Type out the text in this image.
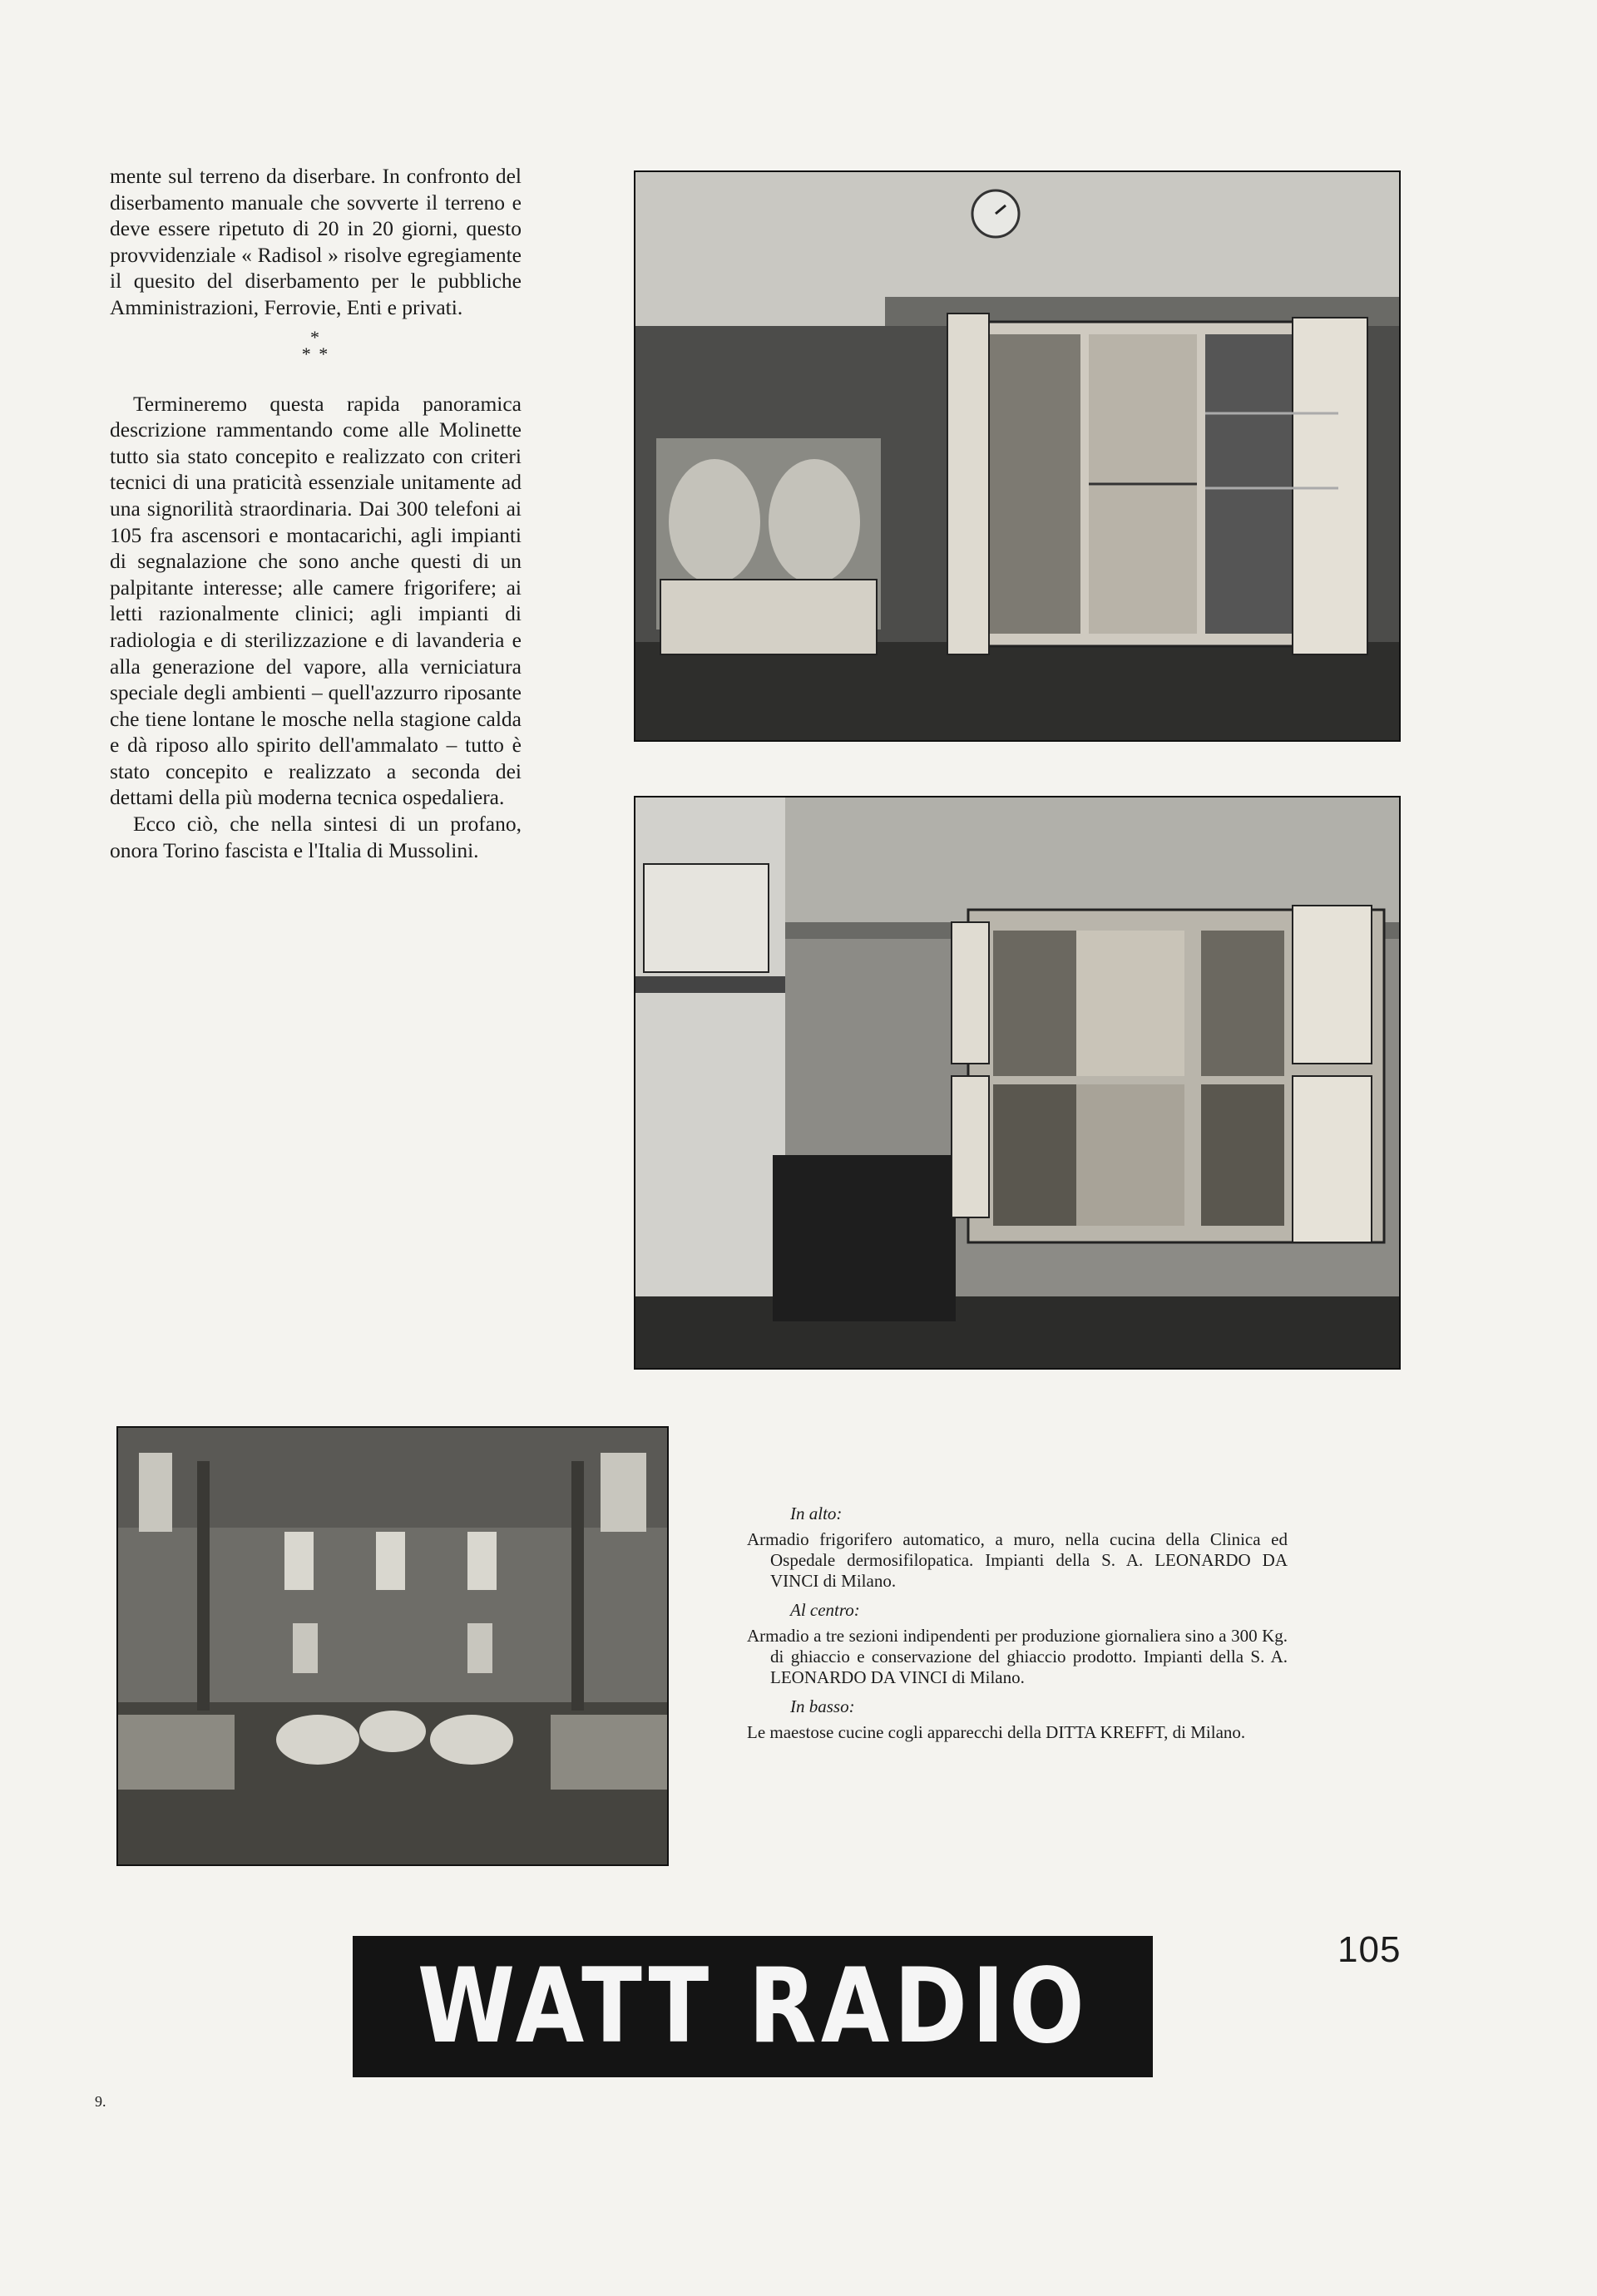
mente sul terreno da diserbare. In confronto del diserbamento manuale che sovverte il terreno e deve essere ripetuto di 20 in 20 giorni, questo provvidenziale « Radisol » risolve egregiamente il quesito del diserbamento per le pubbliche Amministrazioni, Ferrovie, Enti e privati.

*
* *

Termineremo questa rapida panoramica descrizione rammentando come alle Molinette tutto sia stato concepito e realizzato con criteri tecnici di una praticità essenziale unitamente ad una signorilità straordinaria. Dai 300 telefoni ai 105 fra ascensori e montacarichi, agli impianti di segnalazione che sono anche questi di un palpitante interesse; alle camere frigorifere; ai letti razionalmente clinici; agli impianti di radiologia e di sterilizzazione e di lavanderia e alla generazione del vapore, alla verniciatura speciale degli ambienti – quell'azzurro riposante che tiene lontane le mosche nella stagione calda e dà riposo allo spirito dell'ammalato – tutto è stato concepito e realizzato a seconda dei dettami della più moderna tecnica ospedaliera.

Ecco ciò, che nella sintesi di un profano, onora Torino fascista e l'Italia di Mussolini.

In alto:
Armadio frigorifero automatico, a muro, nella cucina della Clinica ed Ospedale dermosifilopatica. Impianti della S. A. LEONARDO DA VINCI di Milano.
Al centro:
Armadio a tre sezioni indipendenti per produzione giornaliera sino a 300 Kg. di ghiaccio e conservazione del ghiaccio prodotto. Impianti della S. A. LEONARDO DA VINCI di Milano.
In basso:
Le maestose cucine cogli apparecchi della DITTA KREFFT, di Milano.
105
WATT RADIO
9.
